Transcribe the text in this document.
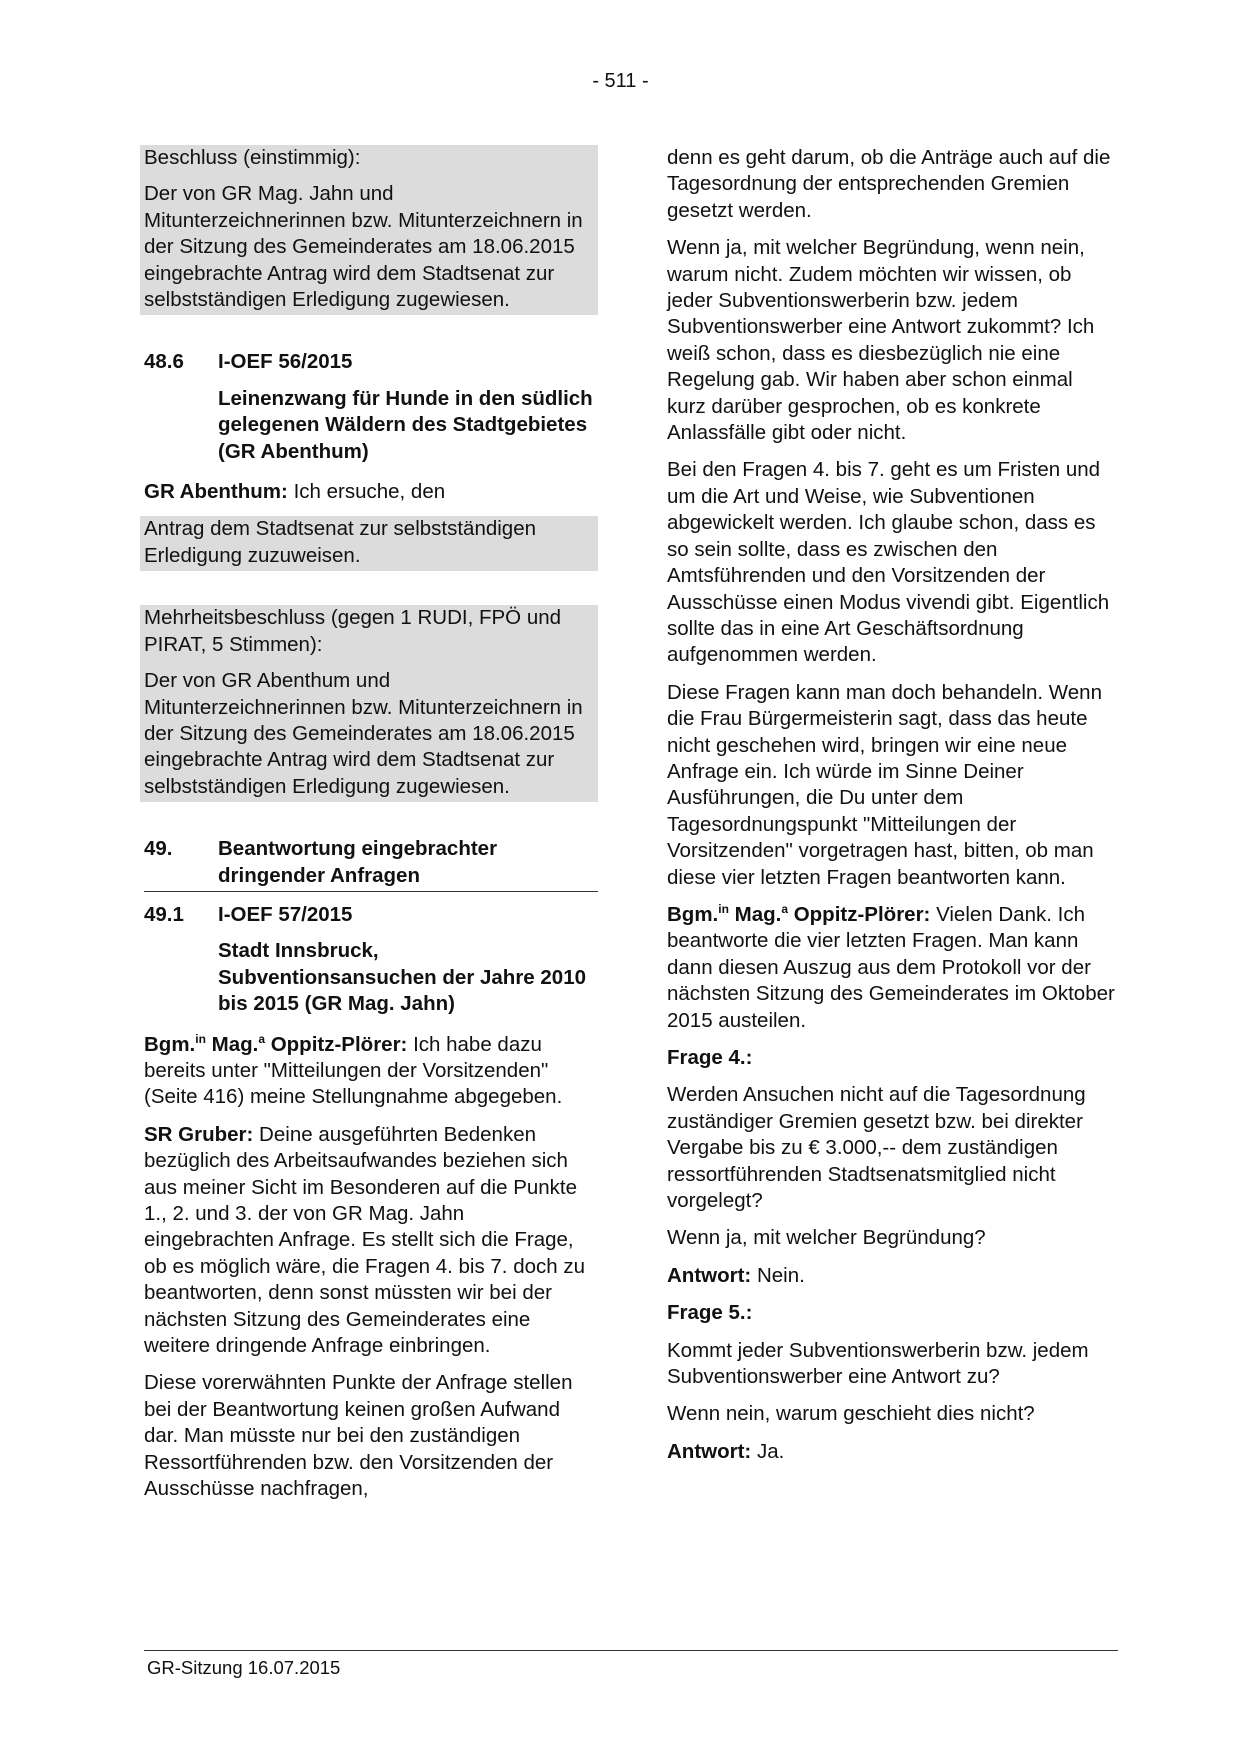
- 511 -

Beschluss (einstimmig):

Der von GR Mag. Jahn und Mitunterzeichnerinnen bzw. Mitunterzeichnern in der Sitzung des Gemeinderates am 18.06.2015 eingebrachte Antrag wird dem Stadtsenat zur selbstständigen Erledigung zugewiesen.

48.6	I-OEF 56/2015
Leinenzwang für Hunde in den südlich gelegenen Wäldern des Stadtgebietes (GR Abenthum)

GR Abenthum: Ich ersuche, den

Antrag dem Stadtsenat zur selbstständigen Erledigung zuzuweisen.

Mehrheitsbeschluss (gegen 1 RUDI, FPÖ und PIRAT, 5 Stimmen):

Der von GR Abenthum und Mitunterzeichnerinnen bzw. Mitunterzeichnern in der Sitzung des Gemeinderates am 18.06.2015 eingebrachte Antrag wird dem Stadtsenat zur selbstständigen Erledigung zugewiesen.

49.	Beantwortung eingebrachter dringender Anfragen
49.1	I-OEF 57/2015
Stadt Innsbruck, Subventionsansuchen der Jahre 2010 bis 2015 (GR Mag. Jahn)

Bgm.$^{in}$ Mag.$^a$ Oppitz-Plörer: Ich habe dazu bereits unter "Mitteilungen der Vorsitzenden" (Seite 416) meine Stellungnahme abgegeben.

SR Gruber: Deine ausgeführten Bedenken bezüglich des Arbeitsaufwandes beziehen sich aus meiner Sicht im Besonderen auf die Punkte 1., 2. und 3. der von GR Mag. Jahn eingebrachten Anfrage. Es stellt sich die Frage, ob es möglich wäre, die Fragen 4. bis 7. doch zu beantworten, denn sonst müssten wir bei der nächsten Sitzung des Gemeinderates eine weitere dringende Anfrage einbringen.

Diese vorerwähnten Punkte der Anfrage stellen bei der Beantwortung keinen großen Aufwand dar. Man müsste nur bei den zuständigen Ressortführenden bzw. den Vorsitzenden der Ausschüsse nachfragen,

denn es geht darum, ob die Anträge auch auf die Tagesordnung der entsprechenden Gremien gesetzt werden.

Wenn ja, mit welcher Begründung, wenn nein, warum nicht. Zudem möchten wir wissen, ob jeder Subventionswerberin bzw. jedem Subventionswerber eine Antwort zukommt? Ich weiß schon, dass es diesbezüglich nie eine Regelung gab. Wir haben aber schon einmal kurz darüber gesprochen, ob es konkrete Anlassfälle gibt oder nicht.

Bei den Fragen 4. bis 7. geht es um Fristen und um die Art und Weise, wie Subventionen abgewickelt werden. Ich glaube schon, dass es so sein sollte, dass es zwischen den Amtsführenden und den Vorsitzenden der Ausschüsse einen Modus vivendi gibt. Eigentlich sollte das in eine Art Geschäftsordnung aufgenommen werden.

Diese Fragen kann man doch behandeln. Wenn die Frau Bürgermeisterin sagt, dass das heute nicht geschehen wird, bringen wir eine neue Anfrage ein. Ich würde im Sinne Deiner Ausführungen, die Du unter dem Tagesordnungspunkt "Mitteilungen der Vorsitzenden" vorgetragen hast, bitten, ob man diese vier letzten Fragen beantworten kann.

Bgm.$^{in}$ Mag.$^a$ Oppitz-Plörer: Vielen Dank. Ich beantworte die vier letzten Fragen. Man kann dann diesen Auszug aus dem Protokoll vor der nächsten Sitzung des Gemeinderates im Oktober 2015 austeilen.

Frage 4.:

Werden Ansuchen nicht auf die Tagesordnung zuständiger Gremien gesetzt bzw. bei direkter Vergabe bis zu € 3.000,-- dem zuständigen ressortführenden Stadtsenatsmitglied nicht vorgelegt?

Wenn ja, mit welcher Begründung?

Antwort: Nein.

Frage 5.:

Kommt jeder Subventionswerberin bzw. jedem Subventionswerber eine Antwort zu?

Wenn nein, warum geschieht dies nicht?

Antwort: Ja.

GR-Sitzung 16.07.2015
